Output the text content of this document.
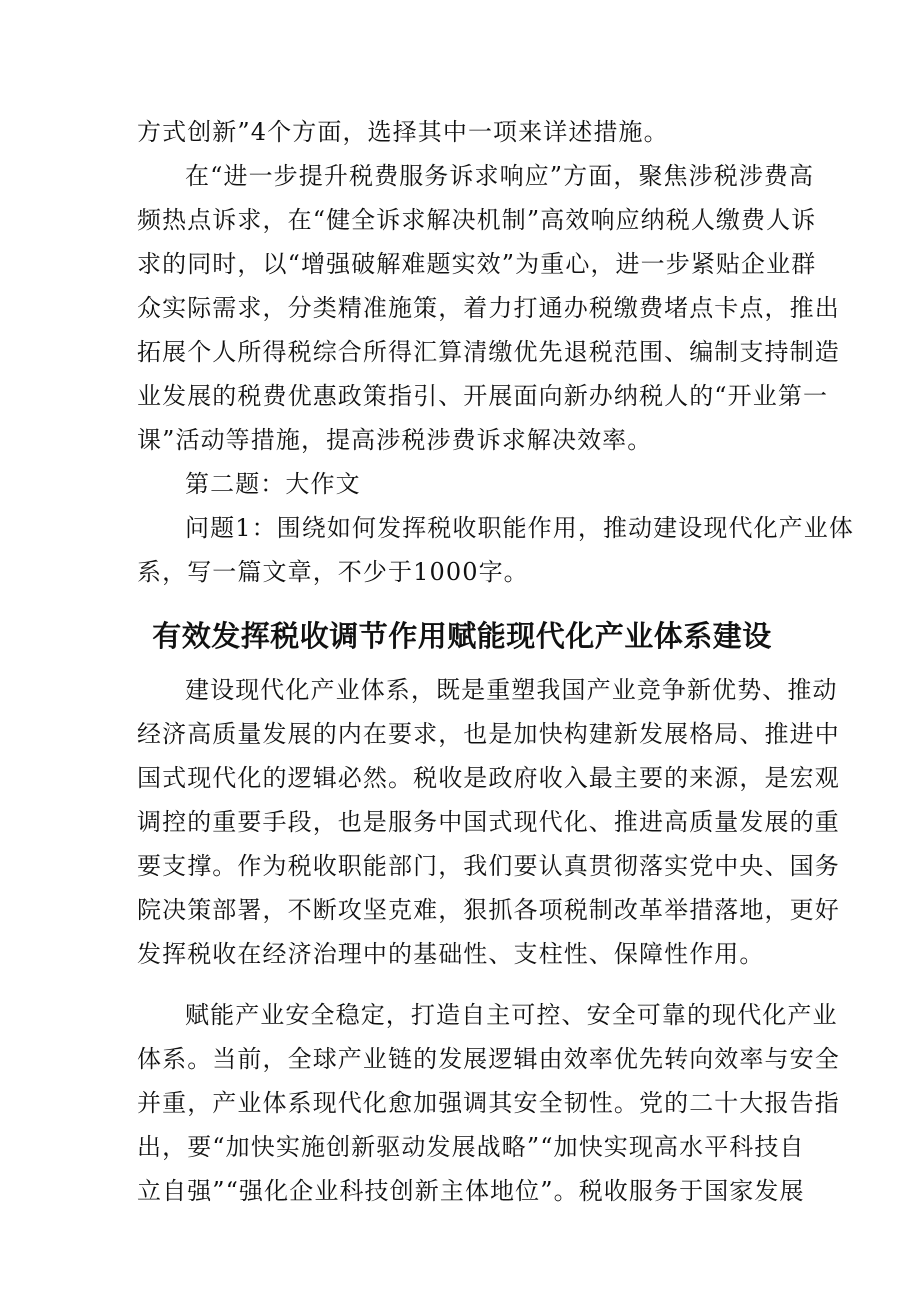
方式创新”4个方面，选择其中一项来详述措施。
在“进一步提升税费服务诉求响应”方面，聚焦涉税涉费高
频热点诉求，在“健全诉求解决机制”高效响应纳税人缴费人诉
求的同时，以“增强破解难题实效”为重心，进一步紧贴企业群
众实际需求，分类精准施策，着力打通办税缴费堵点卡点，推出
拓展个人所得税综合所得汇算清缴优先退税范围、编制支持制造
业发展的税费优惠政策指引、开展面向新办纳税人的“开业第一
课”活动等措施，提高涉税涉费诉求解决效率。
第二题：大作文
问题1：围绕如何发挥税收职能作用，推动建设现代化产业体
系，写一篇文章，不少于1000字。
有效发挥税收调节作用赋能现代化产业体系建设
建设现代化产业体系，既是重塑我国产业竞争新优势、推动
经济高质量发展的内在要求，也是加快构建新发展格局、推进中
国式现代化的逻辑必然。税收是政府收入最主要的来源，是宏观
调控的重要手段，也是服务中国式现代化、推进高质量发展的重
要支撑。作为税收职能部门，我们要认真贯彻落实党中央、国务
院决策部署，不断攻坚克难，狠抓各项税制改革举措落地，更好
发挥税收在经济治理中的基础性、支柱性、保障性作用。
赋能产业安全稳定，打造自主可控、安全可靠的现代化产业
体系。当前，全球产业链的发展逻辑由效率优先转向效率与安全
并重，产业体系现代化愈加强调其安全韧性。党的二十大报告指
出，要“加快实施创新驱动发展战略”“加快实现高水平科技自
立自强”“强化企业科技创新主体地位”。税收服务于国家发展
